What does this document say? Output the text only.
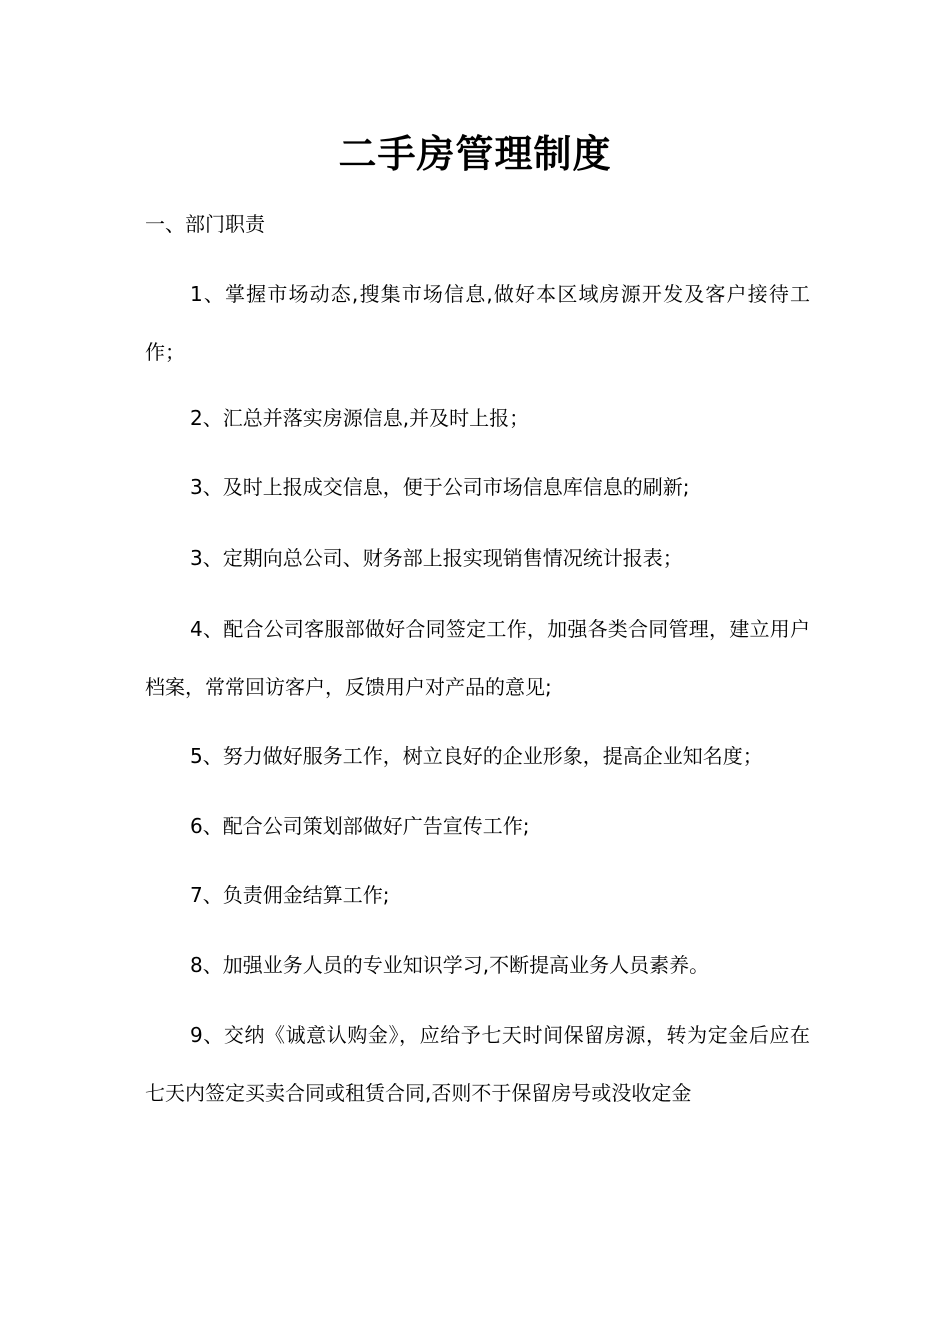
二手房管理制度
一、部门职责

1、掌握市场动态,搜集市场信息,做好本区域房源开发及客户接待工作；

2、汇总并落实房源信息,并及时上报；

3、及时上报成交信息，便于公司市场信息库信息的刷新;

3、定期向总公司、财务部上报实现销售情况统计报表；

4、配合公司客服部做好合同签定工作，加强各类合同管理，建立用户档案，常常回访客户，反馈用户对产品的意见;

5、努力做好服务工作，树立良好的企业形象，提高企业知名度；

6、配合公司策划部做好广告宣传工作;

7、负责佣金结算工作;

8、加强业务人员的专业知识学习,不断提高业务人员素养。

9、交纳《诚意认购金》，应给予七天时间保留房源，转为定金后应在七天内签定买卖合同或租赁合同,否则不于保留房号或没收定金
